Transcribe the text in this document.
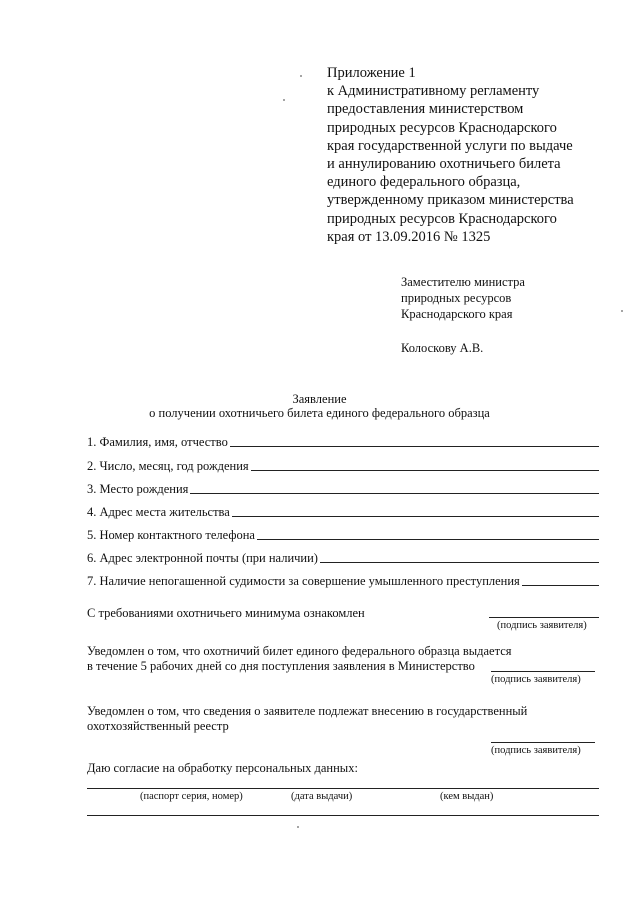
Приложение 1
к Административному регламенту
предоставления министерством
природных ресурсов Краснодарского
края государственной услуги по выдаче
и аннулированию охотничьего билета
единого федерального образца,
утвержденному приказом министерства
природных ресурсов Краснодарского
края от 13.09.2016 № 1325
Заместителю министра
природных ресурсов
Краснодарского края
Колоскову А.В.
Заявление
о получении охотничьего билета единого федерального образца
1. Фамилия, имя, отчество
2. Число, месяц, год рождения
3. Место рождения
4. Адрес места жительства
5. Номер контактного телефона
6. Адрес электронной почты (при наличии)
7. Наличие непогашенной судимости за совершение умышленного преступления
С требованиями охотничьего минимума ознакомлен
(подпись заявителя)
Уведомлен о том, что охотничий билет единого федерального образца выдается
в течение 5 рабочих дней со дня поступления заявления в Министерство
(подпись заявителя)
Уведомлен о том, что сведения о заявителе подлежат внесению в государственный
охотхозяйственный реестр
(подпись заявителя)
Даю согласие на обработку персональных данных:
(паспорт серия, номер)	(дата выдачи)	(кем выдан)
